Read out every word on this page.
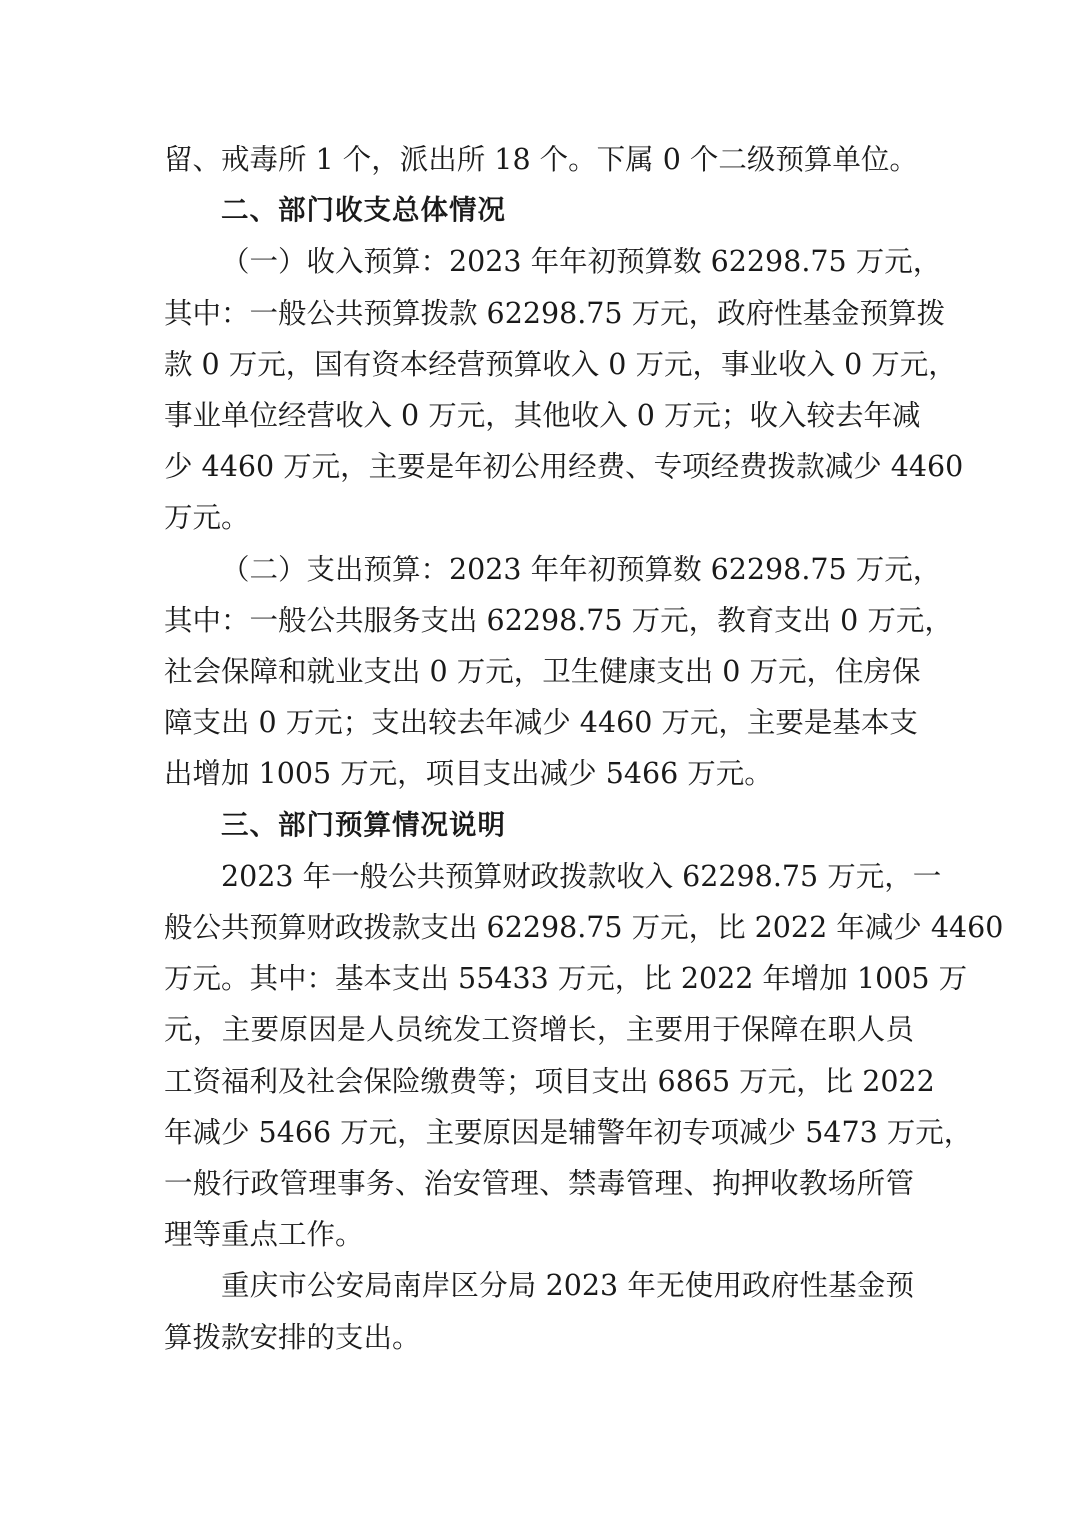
留、戒毒所 1 个，派出所 18 个。下属 0 个二级预算单位。
二、部门收支总体情况
（一）收入预算：2023 年年初预算数 62298.75 万元，
其中：一般公共预算拨款 62298.75 万元，政府性基金预算拨
款 0 万元，国有资本经营预算收入 0 万元，事业收入 0 万元，
事业单位经营收入 0 万元，其他收入 0 万元；收入较去年减
少 4460 万元，主要是年初公用经费、专项经费拨款减少 4460
万元。
（二）支出预算：2023 年年初预算数 62298.75 万元，
其中：一般公共服务支出 62298.75 万元，教育支出 0 万元，
社会保障和就业支出 0 万元，卫生健康支出 0 万元，住房保
障支出 0 万元；支出较去年减少 4460 万元，主要是基本支
出增加 1005 万元，项目支出减少 5466 万元。
三、部门预算情况说明
2023 年一般公共预算财政拨款收入 62298.75 万元，一
般公共预算财政拨款支出 62298.75 万元，比 2022 年减少 4460
万元。其中：基本支出 55433 万元，比 2022 年增加 1005 万
元，主要原因是人员统发工资增长，主要用于保障在职人员
工资福利及社会保险缴费等；项目支出 6865 万元，比 2022
年减少 5466 万元，主要原因是辅警年初专项减少 5473 万元，
一般行政管理事务、治安管理、禁毒管理、拘押收教场所管
理等重点工作。
重庆市公安局南岸区分局 2023 年无使用政府性基金预
算拨款安排的支出。
